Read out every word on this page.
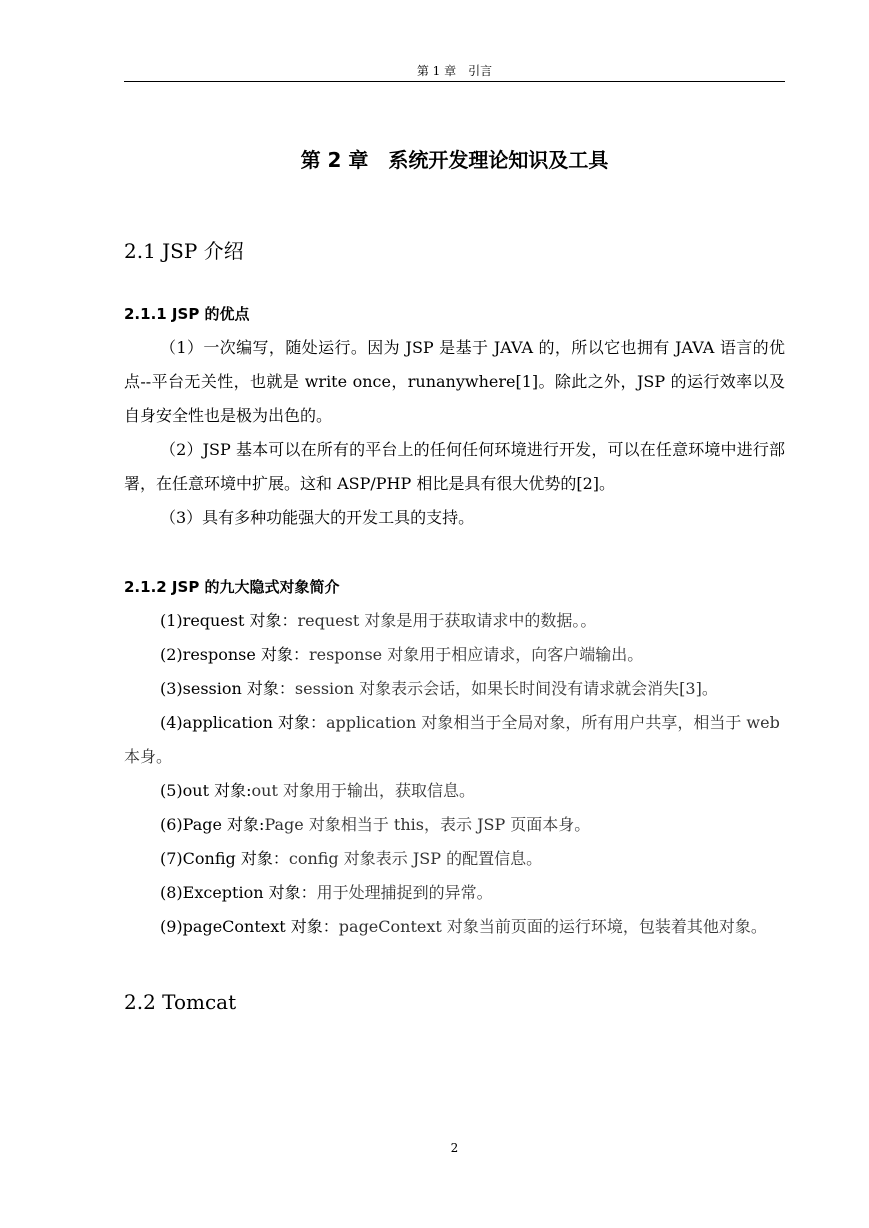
第 1 章　引言
第 2 章　系统开发理论知识及工具
2.1 JSP 介绍
2.1.1 JSP 的优点

（1）一次编写，随处运行。因为 JSP 是基于 JAVA 的，所以它也拥有 JAVA 语言的优点--平台无关性，也就是 write once，runanywhere[1]。除此之外，JSP 的运行效率以及自身安全性也是极为出色的。

（2）JSP 基本可以在所有的平台上的任何任何环境进行开发，可以在任意环境中进行部署，在任意环境中扩展。这和 ASP/PHP 相比是具有很大优势的[2]。

（3）具有多种功能强大的开发工具的支持。

2.1.2 JSP 的九大隐式对象简介

(1)request 对象：request 对象是用于获取请求中的数据。。

(2)response 对象：response 对象用于相应请求，向客户端输出。

(3)session 对象：session 对象表示会话，如果长时间没有请求就会消失[3]。

(4)application 对象：application 对象相当于全局对象，所有用户共享，相当于 web 本身。

(5)out 对象:out 对象用于输出，获取信息。

(6)Page 对象:Page 对象相当于 this，表示 JSP 页面本身。

(7)Config 对象：config 对象表示 JSP 的配置信息。

(8)Exception 对象：用于处理捕捉到的异常。

(9)pageContext 对象：pageContext 对象当前页面的运行环境，包装着其他对象。

2.2 Tomcat
2
